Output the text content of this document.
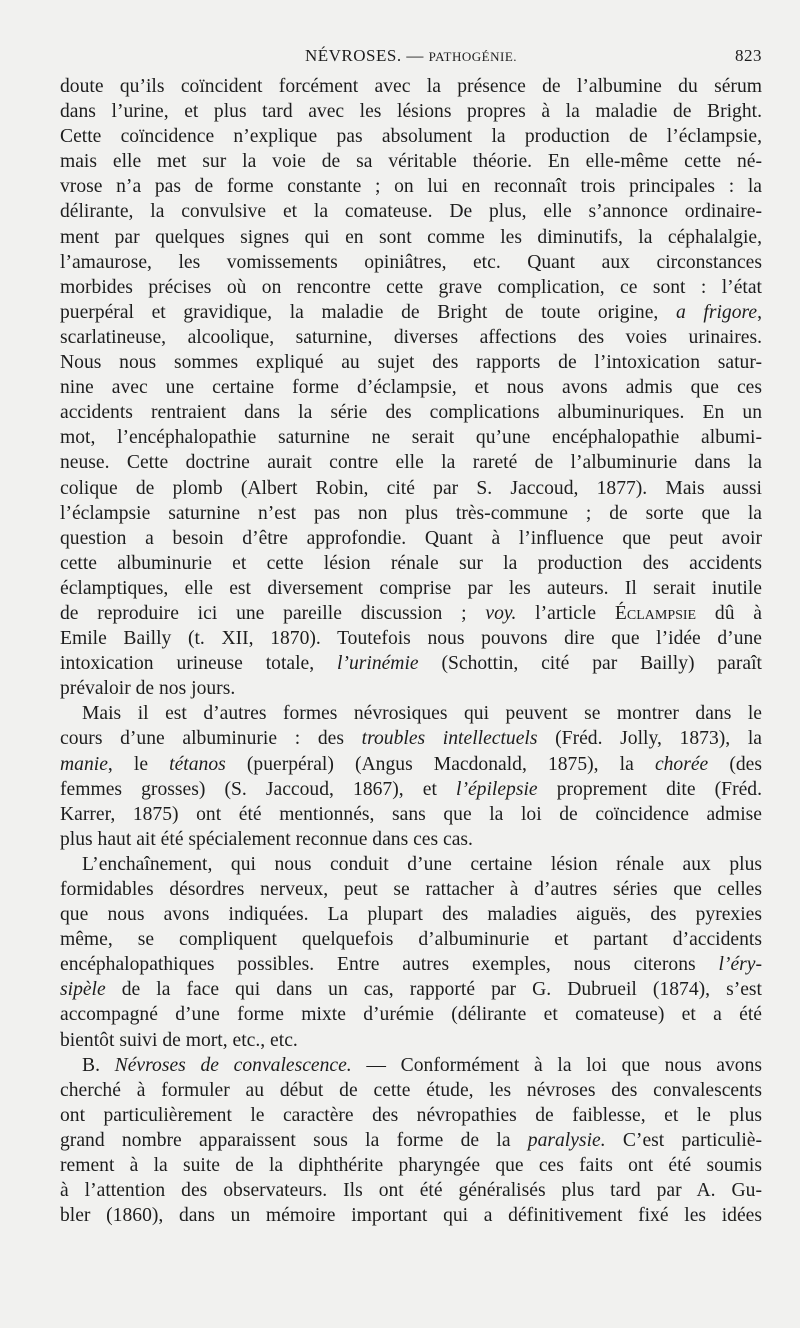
NÉVROSES. — PATHOGÉNIE.	823
doute qu’ils coïncident forcément avec la présence de l’albumine du sérum
dans l’urine, et plus tard avec les lésions propres à la maladie de Bright.
Cette coïncidence n’explique pas absolument la production de l’éclampsie,
mais elle met sur la voie de sa véritable théorie. En elle-même cette né-
vrose n’a pas de forme constante ; on lui en reconnaît trois principales : la
délirante, la convulsive et la comateuse. De plus, elle s’annonce ordinaire-
ment par quelques signes qui en sont comme les diminutifs, la céphalalgie,
l’amaurose, les vomissements opiniâtres, etc. Quant aux circonstances
morbides précises où on rencontre cette grave complication, ce sont : l’état
puerpéral et gravidique, la maladie de Bright de toute origine, a frigore,
scarlatineuse, alcoolique, saturnine, diverses affections des voies urinaires.
Nous nous sommes expliqué au sujet des rapports de l’intoxication satur-
nine avec une certaine forme d’éclampsie, et nous avons admis que ces
accidents rentraient dans la série des complications albuminuriques. En un
mot, l’encéphalopathie saturnine ne serait qu’une encéphalopathie albumi-
neuse. Cette doctrine aurait contre elle la rareté de l’albuminurie dans la
colique de plomb (Albert Robin, cité par S. Jaccoud, 1877). Mais aussi
l’éclampsie saturnine n’est pas non plus très-commune ; de sorte que la
question a besoin d’être approfondie. Quant à l’influence que peut avoir
cette albuminurie et cette lésion rénale sur la production des accidents
éclamptiques, elle est diversement comprise par les auteurs. Il serait inutile
de reproduire ici une pareille discussion ; voy. l’article Éclampsie dû à
Emile Bailly (t. XII, 1870). Toutefois nous pouvons dire que l’idée d’une
intoxication urineuse totale, l’urinémie (Schottin, cité par Bailly) paraît
prévaloir de nos jours.
Mais il est d’autres formes névrosiques qui peuvent se montrer dans le
cours d’une albuminurie : des troubles intellectuels (Fréd. Jolly, 1873), la
manie, le tétanos (puerpéral) (Angus Macdonald, 1875), la chorée (des
femmes grosses) (S. Jaccoud, 1867), et l’épilepsie proprement dite (Fréd.
Karrer, 1875) ont été mentionnés, sans que la loi de coïncidence admise
plus haut ait été spécialement reconnue dans ces cas.
L’enchaînement, qui nous conduit d’une certaine lésion rénale aux plus
formidables désordres nerveux, peut se rattacher à d’autres séries que celles
que nous avons indiquées. La plupart des maladies aiguës, des pyrexies
même, se compliquent quelquefois d’albuminurie et partant d’accidents
encéphalopathiques possibles. Entre autres exemples, nous citerons l’éry-
sipèle de la face qui dans un cas, rapporté par G. Dubrueil (1874), s’est
accompagné d’une forme mixte d’urémie (délirante et comateuse) et a été
bientôt suivi de mort, etc., etc.
B. Névroses de convalescence. — Conformément à la loi que nous avons
cherché à formuler au début de cette étude, les névroses des convalescents
ont particulièrement le caractère des névropathies de faiblesse, et le plus
grand nombre apparaissent sous la forme de la paralysie. C’est particuliè-
rement à la suite de la diphthérite pharyngée que ces faits ont été soumis
à l’attention des observateurs. Ils ont été généralisés plus tard par A. Gu-
bler (1860), dans un mémoire important qui a définitivement fixé les idées
